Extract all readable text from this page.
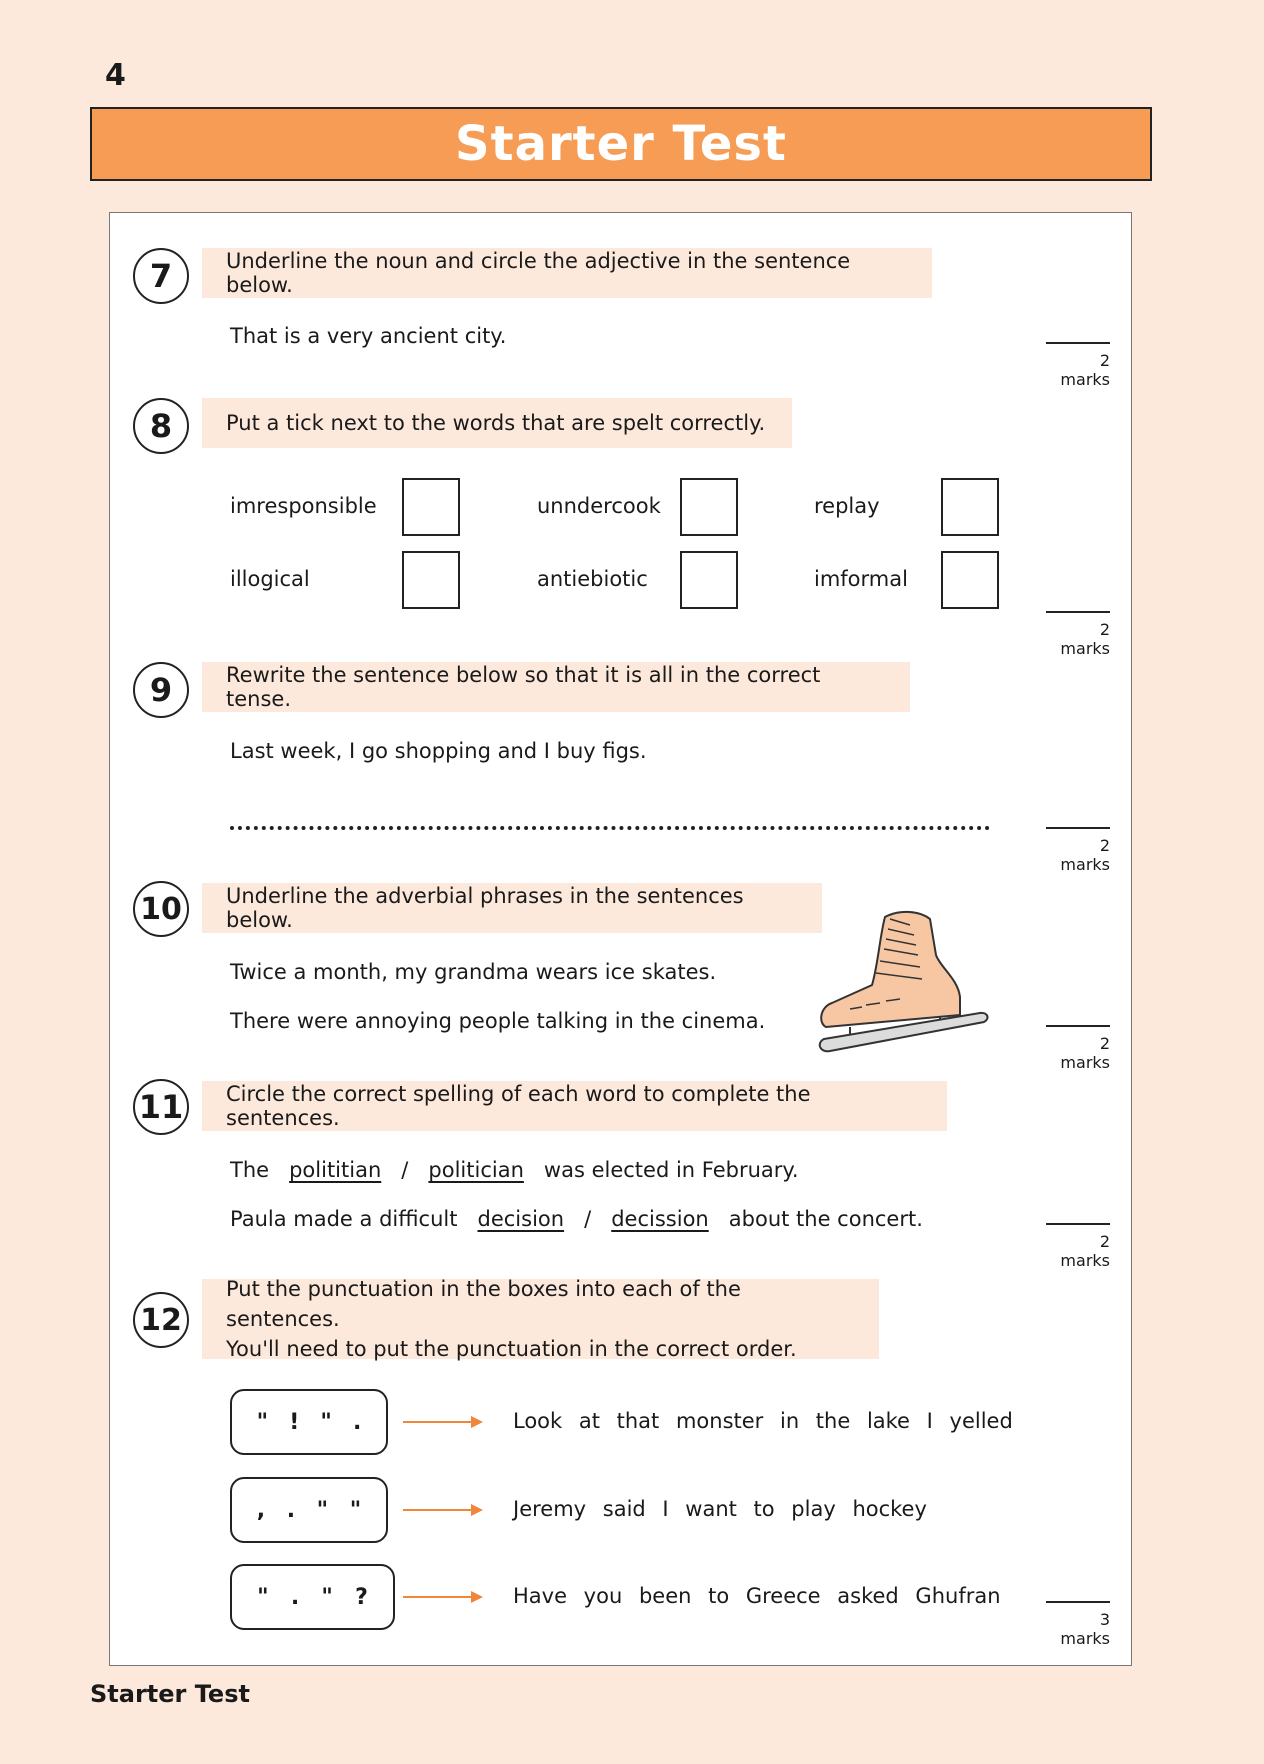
4
Starter Test
7	Underline the noun and circle the adjective in the sentence below.
That is a very ancient city.
2 marks
8	Put a tick next to the words that are spelt correctly.
imresponsible	unndercook	replay
illogical	antiebiotic	imformal
2 marks
9	Rewrite the sentence below so that it is all in the correct tense.
Last week, I go shopping and I buy figs.
2 marks
10	Underline the adverbial phrases in the sentences below.
Twice a month, my grandma wears ice skates.
There were annoying people talking in the cinema.
2 marks
11	Circle the correct spelling of each word to complete the sentences.
The polititian / politician was elected in February.
Paula made a difficult decision / decission about the concert.
2 marks
12
Put the punctuation in the boxes into each of the sentences.
You'll need to put the punctuation in the correct order.
" ! " .	Look at that monster in the lake I yelled
, . " "	Jeremy said I want to play hockey
" . " ?	Have you been to Greece asked Ghufran
3 marks
Starter Test
